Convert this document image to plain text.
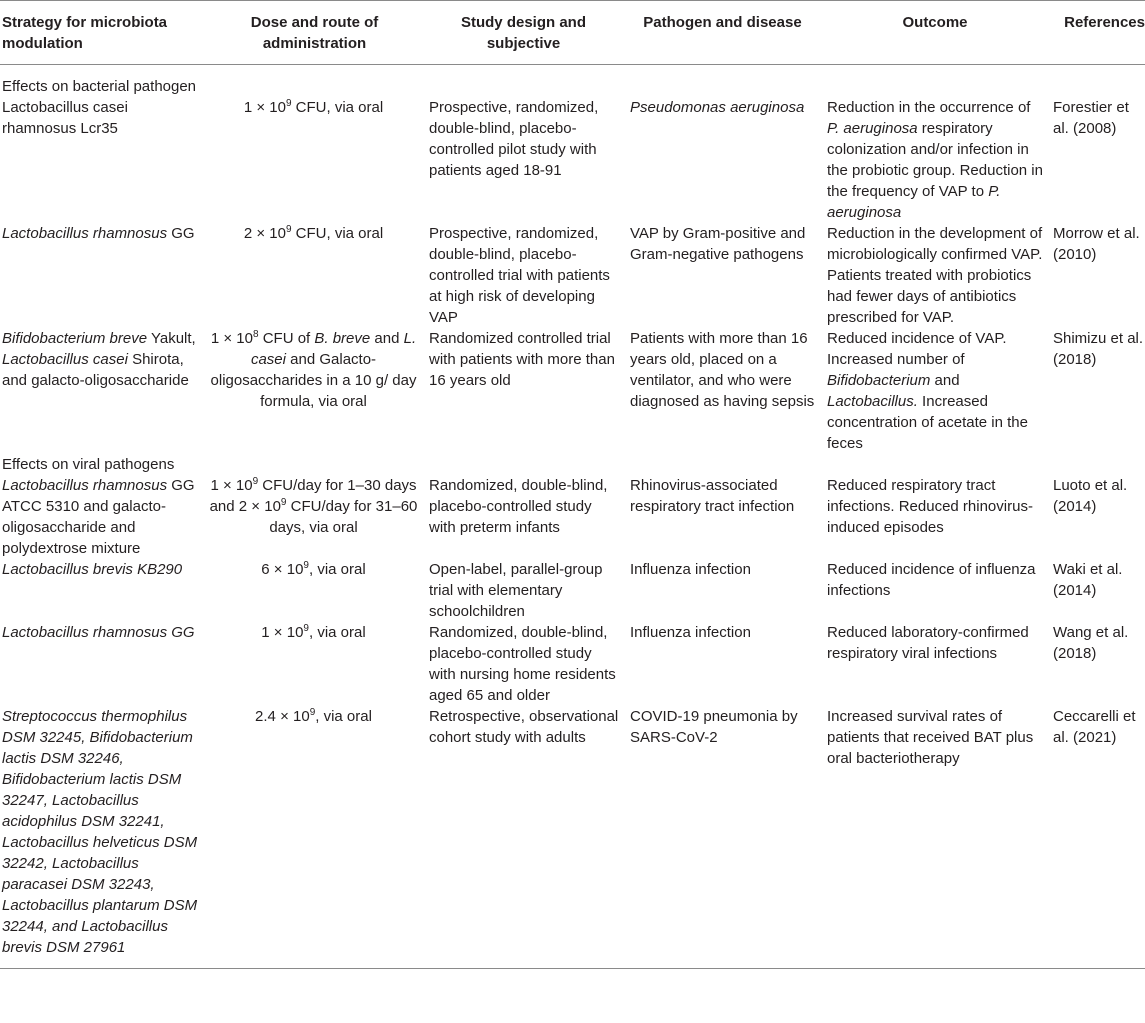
Strategy for microbiota modulation	Dose and route of administration	Study design and subjective	Pathogen and disease	Outcome	References
Effects on bacterial pathogen					
Lactobacillus casei rhamnosus Lcr35	$1 \times 10^9$ CFU, via oral	Prospective, randomized, double-blind, placebo-controlled pilot study with patients aged 18-91	Pseudomonas aeruginosa	Reduction in the occurrence of P. aeruginosa respiratory colonization and/or infection in the probiotic group. Reduction in the frequency of VAP to P. aeruginosa	Forestier et al. (2008)
Lactobacillus rhamnosus GG	$2 \times 10^9$ CFU, via oral	Prospective, randomized, double-blind, placebo-controlled trial with patients at high risk of developing VAP	VAP by Gram-positive and Gram-negative pathogens	Reduction in the development of microbiologically confirmed VAP. Patients treated with probiotics had fewer days of antibiotics prescribed for VAP.	Morrow et al. (2010)
Bifidobacterium breve Yakult, Lactobacillus casei Shirota, and galacto-oligosaccharide	$1 \times 10^8$ CFU of B. breve and L. casei and Galacto-oligosaccharides in a 10 g/ day formula, via oral	Randomized controlled trial with patients with more than 16 years old	Patients with more than 16 years old, placed on a ventilator, and who were diagnosed as having sepsis	Reduced incidence of VAP. Increased number of Bifidobacterium and Lactobacillus. Increased concentration of acetate in the feces	Shimizu et al. (2018)
Effects on viral pathogens					
Lactobacillus rhamnosus GG ATCC 5310 and galacto-oligosaccharide and polydextrose mixture	$1 \times 10^9$ CFU/day for 1–30 days and $2 \times 10^9$ CFU/day for 31–60 days, via oral	Randomized, double-blind, placebo-controlled study with preterm infants	Rhinovirus-associated respiratory tract infection	Reduced respiratory tract infections. Reduced rhinovirus-induced episodes	Luoto et al. (2014)
Lactobacillus brevis KB290	$6 \times 10^9$, via oral	Open-label, parallel-group trial with elementary schoolchildren	Influenza infection	Reduced incidence of influenza infections	Waki et al. (2014)
Lactobacillus rhamnosus GG	$1 \times 10^9$, via oral	Randomized, double-blind, placebo-controlled study with nursing home residents aged 65 and older	Influenza infection	Reduced laboratory-confirmed respiratory viral infections	Wang et al. (2018)
Streptococcus thermophilus DSM 32245, Bifidobacterium lactis DSM 32246, Bifidobacterium lactis DSM 32247, Lactobacillus acidophilus DSM 32241, Lactobacillus helveticus DSM 32242, Lactobacillus paracasei DSM 32243, Lactobacillus plantarum DSM 32244, and Lactobacillus brevis DSM 27961	$2.4 \times 10^9$, via oral	Retrospective, observational cohort study with adults	COVID-19 pneumonia by SARS-CoV-2	Increased survival rates of patients that received BAT plus oral bacteriotherapy	Ceccarelli et al. (2021)
